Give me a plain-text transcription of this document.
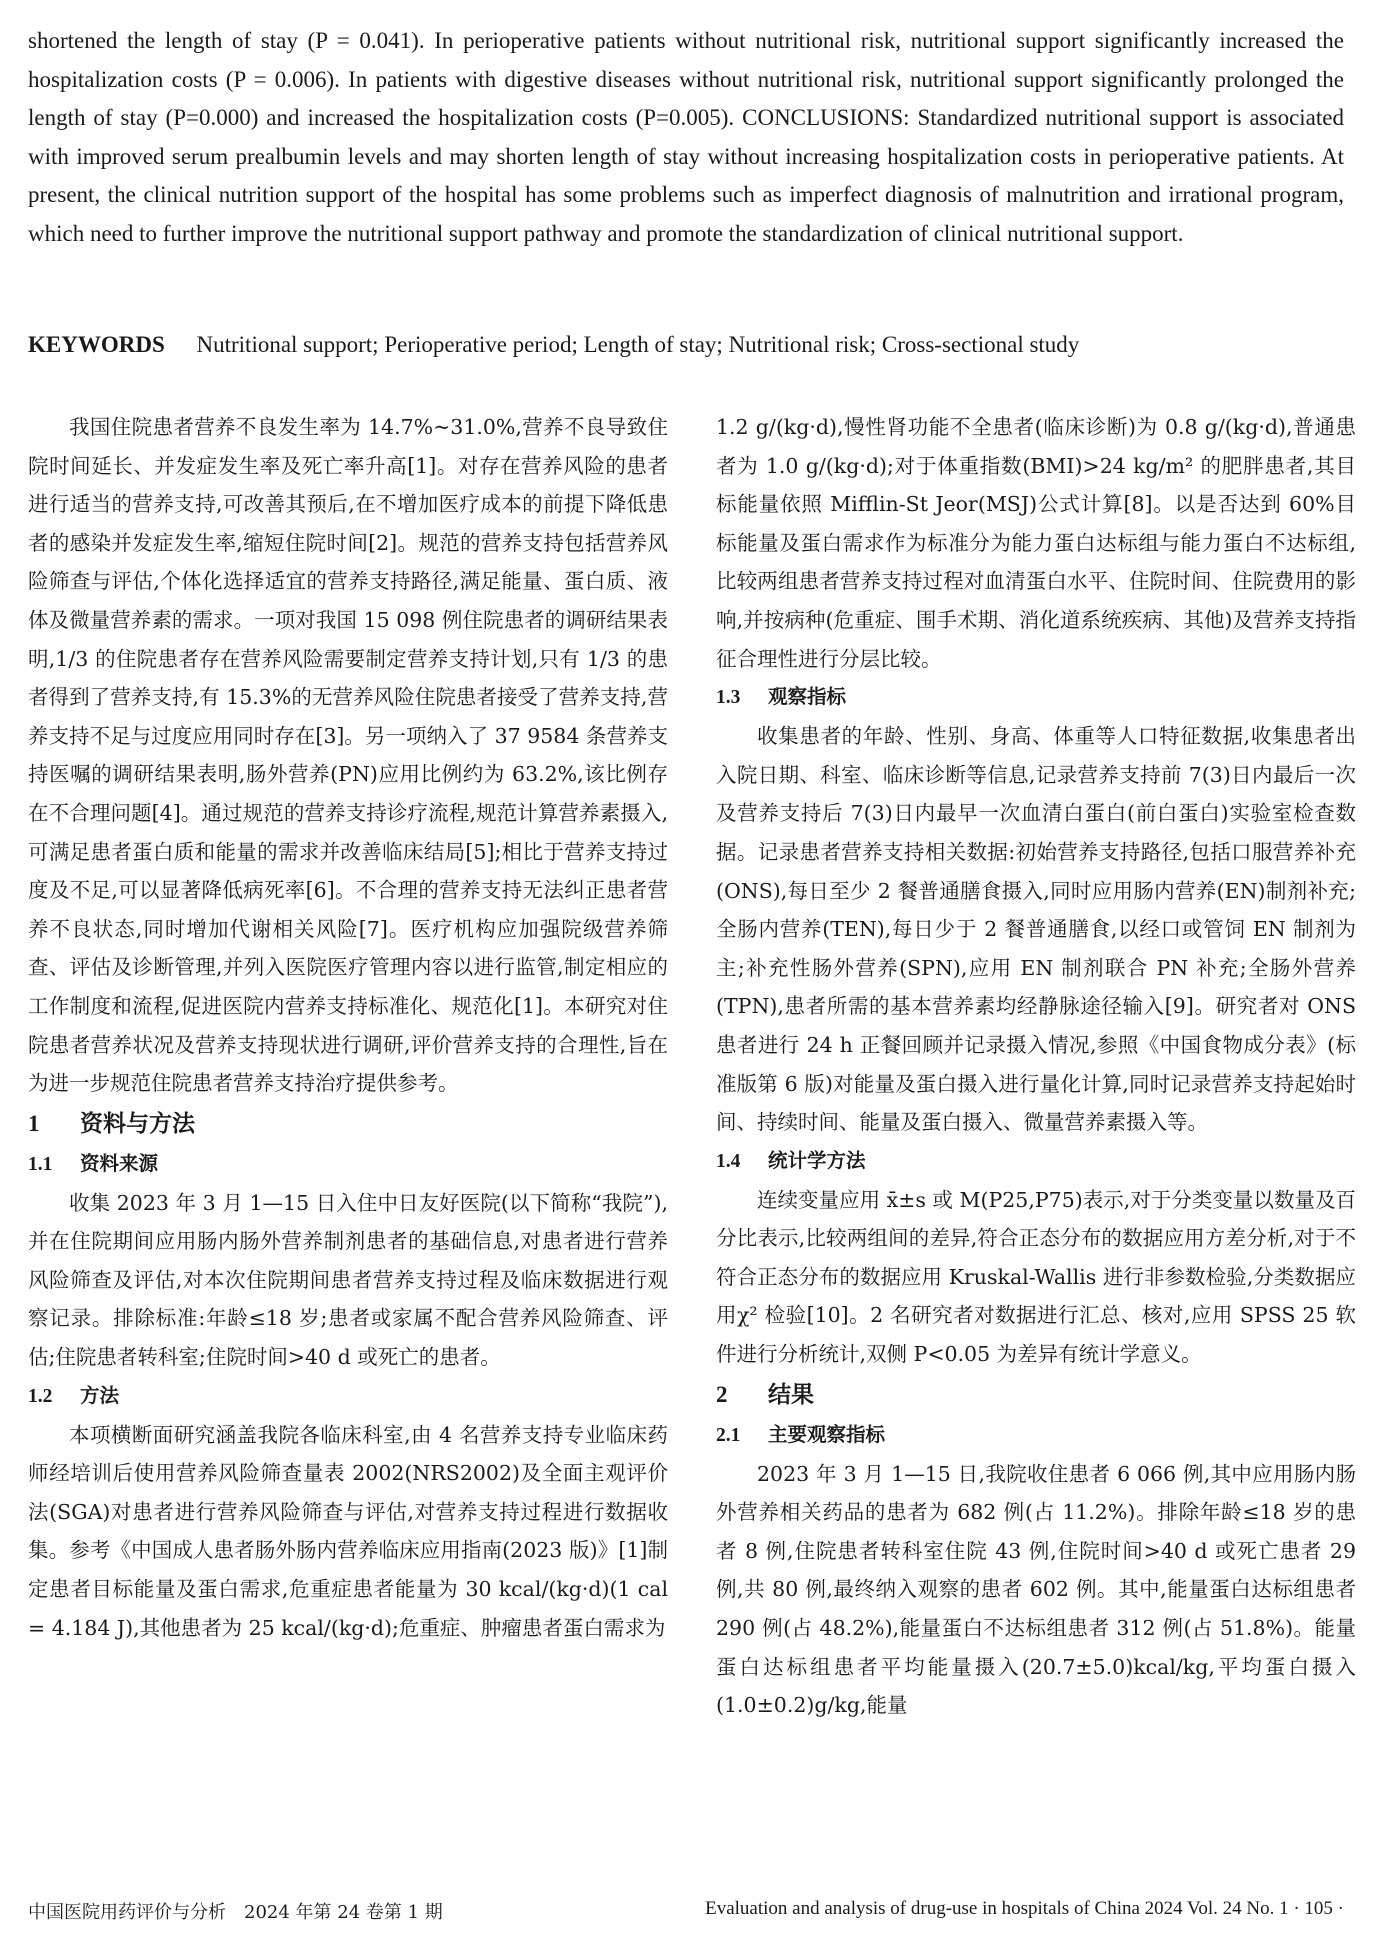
shortened the length of stay (P = 0.041). In perioperative patients without nutritional risk, nutritional support significantly increased the hospitalization costs (P = 0.006). In patients with digestive diseases without nutritional risk, nutritional support significantly prolonged the length of stay (P=0.000) and increased the hospitalization costs (P=0.005). CONCLUSIONS: Standardized nutritional support is associated with improved serum prealbumin levels and may shorten length of stay without increasing hospitalization costs in perioperative patients. At present, the clinical nutrition support of the hospital has some problems such as imperfect diagnosis of malnutrition and irrational program, which need to further improve the nutritional support pathway and promote the standardization of clinical nutritional support.

KEYWORDS Nutritional support; Perioperative period; Length of stay; Nutritional risk; Cross-sectional study

我国住院患者营养不良发生率为 14.7%~31.0%,营养不良导致住院时间延长、并发症发生率及死亡率升高[1]。对存在营养风险的患者进行适当的营养支持,可改善其预后,在不增加医疗成本的前提下降低患者的感染并发症发生率,缩短住院时间[2]。规范的营养支持包括营养风险筛查与评估,个体化选择适宜的营养支持路径,满足能量、蛋白质、液体及微量营养素的需求。一项对我国 15 098 例住院患者的调研结果表明,1/3 的住院患者存在营养风险需要制定营养支持计划,只有 1/3 的患者得到了营养支持,有 15.3%的无营养风险住院患者接受了营养支持,营养支持不足与过度应用同时存在[3]。另一项纳入了 37 9584 条营养支持医嘱的调研结果表明,肠外营养(PN)应用比例约为 63.2%,该比例存在不合理问题[4]。通过规范的营养支持诊疗流程,规范计算营养素摄入,可满足患者蛋白质和能量的需求并改善临床结局[5];相比于营养支持过度及不足,可以显著降低病死率[6]。不合理的营养支持无法纠正患者营养不良状态,同时增加代谢相关风险[7]。医疗机构应加强院级营养筛查、评估及诊断管理,并列入医院医疗管理内容以进行监管,制定相应的工作制度和流程,促进医院内营养支持标准化、规范化[1]。本研究对住院患者营养状况及营养支持现状进行调研,评价营养支持的合理性,旨在为进一步规范住院患者营养支持治疗提供参考。

1 资料与方法
1.1 资料来源

收集 2023 年 3 月 1—15 日入住中日友好医院(以下简称“我院”),并在住院期间应用肠内肠外营养制剂患者的基础信息,对患者进行营养风险筛查及评估,对本次住院期间患者营养支持过程及临床数据进行观察记录。排除标准:年龄≤18 岁;患者或家属不配合营养风险筛查、评估;住院患者转科室;住院时间>40 d 或死亡的患者。

1.2 方法

本项横断面研究涵盖我院各临床科室,由 4 名营养支持专业临床药师经培训后使用营养风险筛查量表 2002(NRS2002)及全面主观评价法(SGA)对患者进行营养风险筛查与评估,对营养支持过程进行数据收集。参考《中国成人患者肠外肠内营养临床应用指南(2023 版)》[1]制定患者目标能量及蛋白需求,危重症患者能量为 30 kcal/(kg·d)(1 cal = 4.184 J),其他患者为 25 kcal/(kg·d);危重症、肿瘤患者蛋白需求为

1.2 g/(kg·d),慢性肾功能不全患者(临床诊断)为 0.8 g/(kg·d),普通患者为 1.0 g/(kg·d);对于体重指数(BMI)>24 kg/m² 的肥胖患者,其目标能量依照 Mifflin-St Jeor(MSJ)公式计算[8]。以是否达到 60%目标能量及蛋白需求作为标准分为能力蛋白达标组与能力蛋白不达标组,比较两组患者营养支持过程对血清蛋白水平、住院时间、住院费用的影响,并按病种(危重症、围手术期、消化道系统疾病、其他)及营养支持指征合理性进行分层比较。

1.3 观察指标

收集患者的年龄、性别、身高、体重等人口特征数据,收集患者出入院日期、科室、临床诊断等信息,记录营养支持前 7(3)日内最后一次及营养支持后 7(3)日内最早一次血清白蛋白(前白蛋白)实验室检查数据。记录患者营养支持相关数据:初始营养支持路径,包括口服营养补充(ONS),每日至少 2 餐普通膳食摄入,同时应用肠内营养(EN)制剂补充;全肠内营养(TEN),每日少于 2 餐普通膳食,以经口或管饲 EN 制剂为主;补充性肠外营养(SPN),应用 EN 制剂联合 PN 补充;全肠外营养(TPN),患者所需的基本营养素均经静脉途径输入[9]。研究者对 ONS 患者进行 24 h 正餐回顾并记录摄入情况,参照《中国食物成分表》(标准版第 6 版)对能量及蛋白摄入进行量化计算,同时记录营养支持起始时间、持续时间、能量及蛋白摄入、微量营养素摄入等。

1.4 统计学方法

连续变量应用 x̄±s 或 M(P25,P75)表示,对于分类变量以数量及百分比表示,比较两组间的差异,符合正态分布的数据应用方差分析,对于不符合正态分布的数据应用 Kruskal-Wallis 进行非参数检验,分类数据应用χ² 检验[10]。2 名研究者对数据进行汇总、核对,应用 SPSS 25 软件进行分析统计,双侧 P<0.05 为差异有统计学意义。

2 结果
2.1 主要观察指标

2023 年 3 月 1—15 日,我院收住患者 6 066 例,其中应用肠内肠外营养相关药品的患者为 682 例(占 11.2%)。排除年龄≤18 岁的患者 8 例,住院患者转科室住院 43 例,住院时间>40 d 或死亡患者 29 例,共 80 例,最终纳入观察的患者 602 例。其中,能量蛋白达标组患者 290 例(占 48.2%),能量蛋白不达标组患者 312 例(占 51.8%)。能量蛋白达标组患者平均能量摄入(20.7±5.0)kcal/kg,平均蛋白摄入(1.0±0.2)g/kg,能量

中国医院用药评价与分析　2024 年第 24 卷第 1 期	Evaluation and analysis of drug-use in hospitals of China 2024 Vol. 24 No. 1 · 105 ·
